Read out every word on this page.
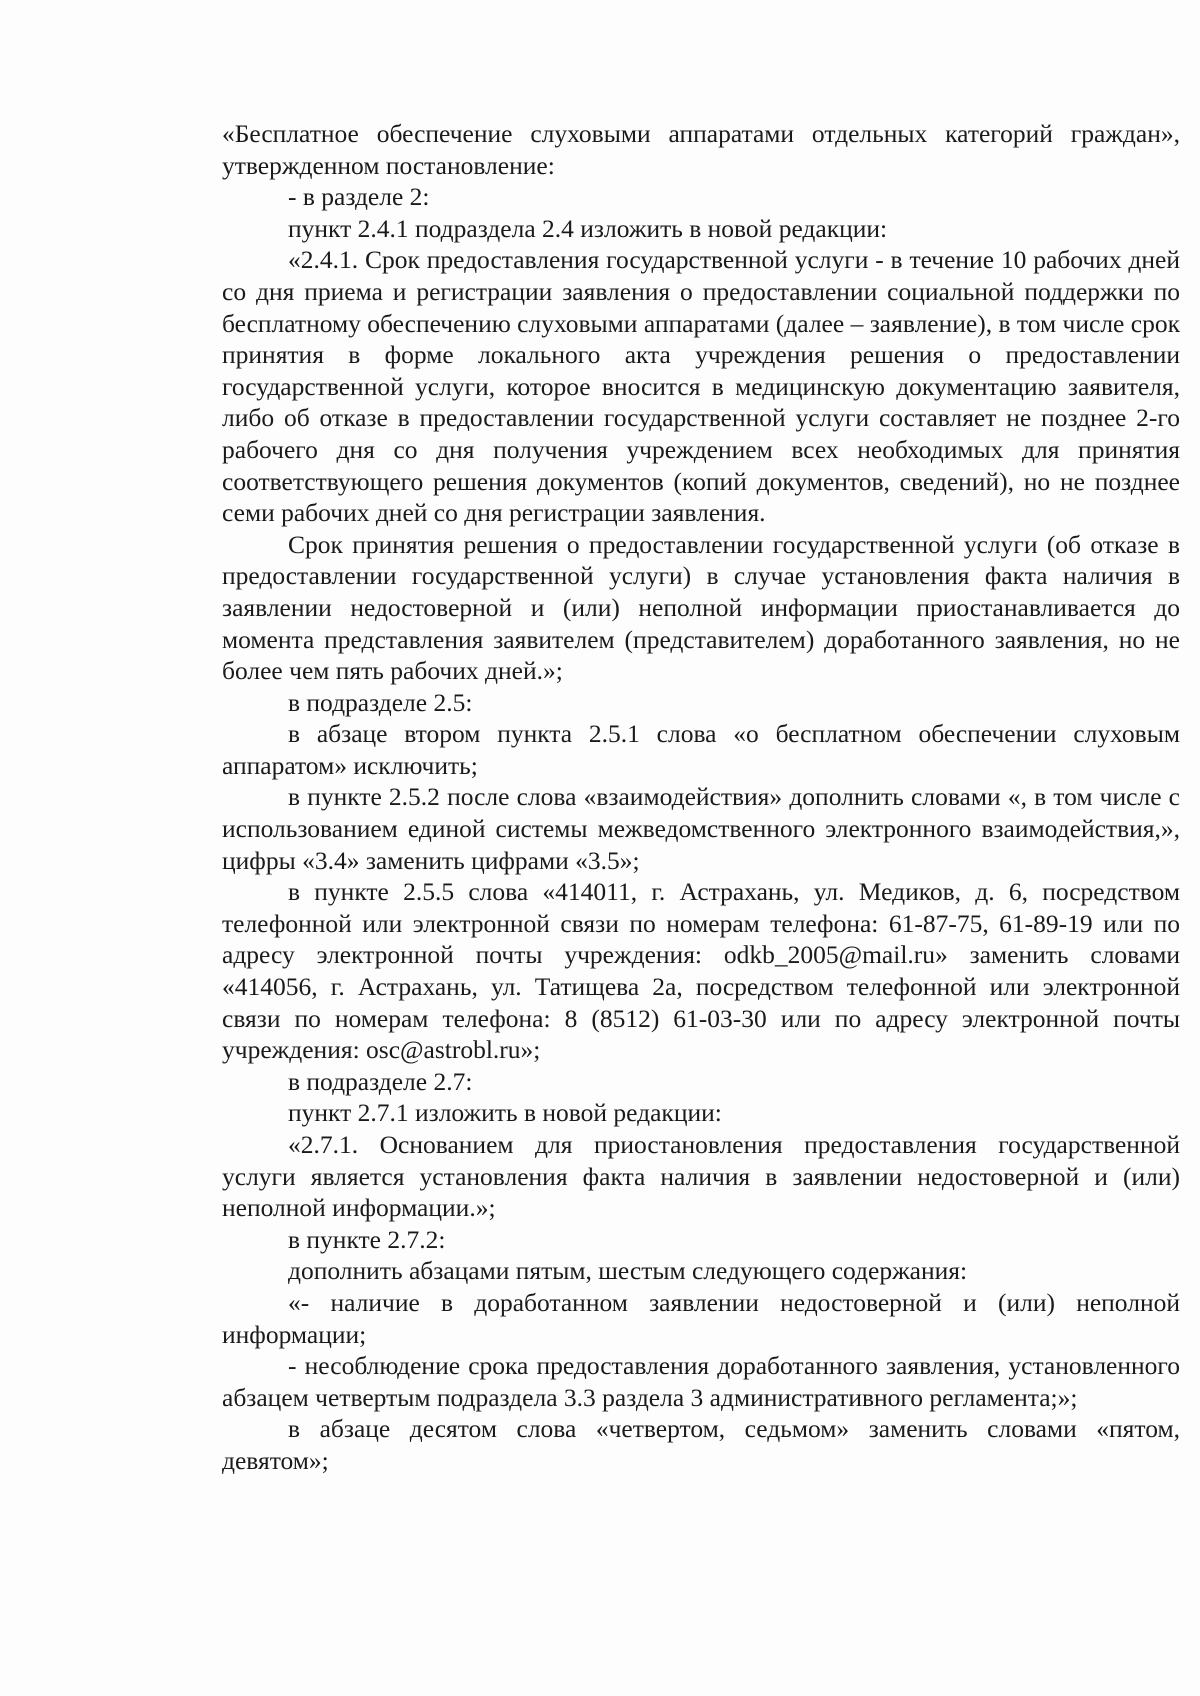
«Бесплатное обеспечение слуховыми аппаратами отдельных категорий граждан», утвержденном постановление:

- в разделе 2:

пункт 2.4.1 подраздела 2.4 изложить в новой редакции:

«2.4.1. Срок предоставления государственной услуги - в течение 10 рабочих дней со дня приема и регистрации заявления о предоставлении социальной поддержки по бесплатному обеспечению слуховыми аппаратами (далее – заявление), в том числе срок принятия в форме локального акта учреждения решения о предоставлении государственной услуги, которое вносится в медицинскую документацию заявителя, либо об отказе в предоставлении государственной услуги составляет не позднее 2-го рабочего дня со дня получения учреждением всех необходимых для принятия соответствующего решения документов (копий документов, сведений), но не позднее семи рабочих дней со дня регистрации заявления.

Срок принятия решения о предоставлении государственной услуги (об отказе в предоставлении государственной услуги) в случае установления факта наличия в заявлении недостоверной и (или) неполной информации приостанавливается до момента представления заявителем (представителем) доработанного заявления, но не более чем пять рабочих дней.»;

в подразделе 2.5:

в абзаце втором пункта 2.5.1 слова «о бесплатном обеспечении слуховым аппаратом» исключить;

в пункте 2.5.2 после слова «взаимодействия» дополнить словами «, в том числе с использованием единой системы межведомственного электронного взаимодействия,», цифры «3.4» заменить цифрами «3.5»;

в пункте 2.5.5 слова «414011, г. Астрахань, ул. Медиков, д. 6, посредством телефонной или электронной связи по номерам телефона: 61-87-75, 61-89-19 или по адресу электронной почты учреждения: odkb_2005@mail.ru» заменить словами «414056, г. Астрахань, ул. Татищева 2а, посредством телефонной или электронной связи по номерам телефона: 8 (8512) 61-03-30 или по адресу электронной почты учреждения: osc@astrobl.ru»;

в подразделе 2.7:

пункт 2.7.1 изложить в новой редакции:

«2.7.1. Основанием для приостановления предоставления государственной услуги является установления факта наличия в заявлении недостоверной и (или) неполной информации.»;

в пункте 2.7.2:

дополнить абзацами пятым, шестым следующего содержания:

«- наличие в доработанном заявлении недостоверной и (или) неполной информации;

- несоблюдение срока предоставления доработанного заявления, установленного абзацем четвертым подраздела 3.3 раздела 3 административного регламента;»;

в абзаце десятом слова «четвертом, седьмом» заменить словами «пятом, девятом»;
